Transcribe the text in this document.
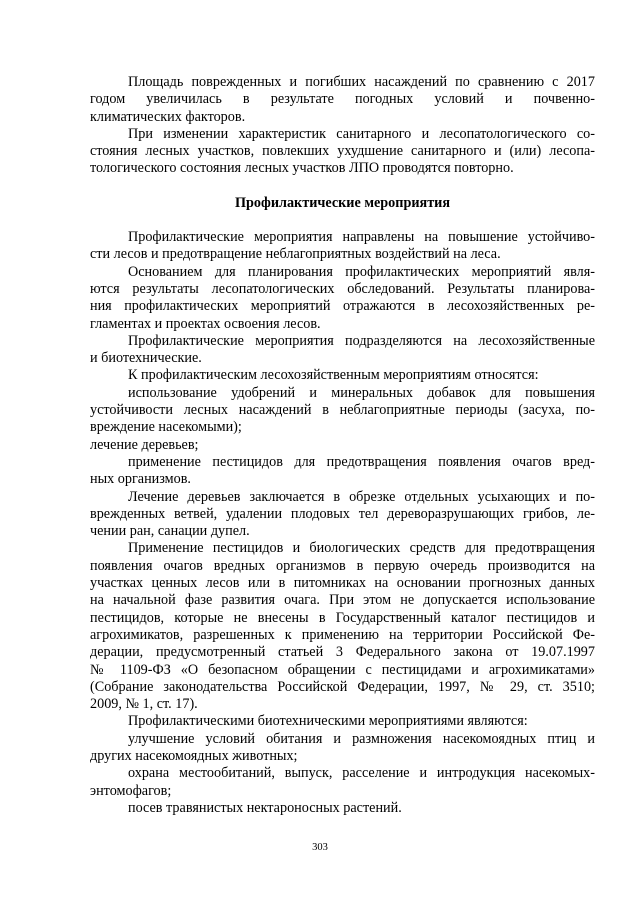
Площадь поврежденных и погибших насаждений по сравнению с 2017
годом увеличилась в результате погодных условий и почвенно-
климатических факторов.
При изменении характеристик санитарного и лесопатологического со-
стояния лесных участков, повлекших ухудшение санитарного и (или) лесопа-
тологического состояния лесных участков ЛПО проводятся повторно.
Профилактические мероприятия
Профилактические мероприятия направлены на повышение устойчиво-
сти лесов и предотвращение неблагоприятных воздействий на леса.
Основанием для планирования профилактических мероприятий явля-
ются результаты лесопатологических обследований. Результаты планирова-
ния профилактических мероприятий отражаются в лесохозяйственных ре-
гламентах и проектах освоения лесов.
Профилактические мероприятия подразделяются на лесохозяйственные
и биотехнические.
К профилактическим лесохозяйственным мероприятиям относятся:
использование удобрений и минеральных добавок для повышения
устойчивости лесных насаждений в неблагоприятные периоды (засуха, по-
вреждение насекомыми);
лечение деревьев;
применение пестицидов для предотвращения появления очагов вред-
ных организмов.
Лечение деревьев заключается в обрезке отдельных усыхающих и по-
врежденных ветвей, удалении плодовых тел дереворазрушающих грибов, ле-
чении ран, санации дупел.
Применение пестицидов и биологических средств для предотвращения
появления очагов вредных организмов в первую очередь производится на
участках ценных лесов или в питомниках на основании прогнозных данных
на начальной фазе развития очага. При этом не допускается использование
пестицидов, которые не внесены в Государственный каталог пестицидов и
агрохимикатов, разрешенных к применению на территории Российской Фе-
дерации, предусмотренный статьей 3 Федерального закона от 19.07.1997
№ 1109-ФЗ «О безопасном обращении с пестицидами и агрохимикатами»
(Собрание законодательства Российской Федерации, 1997, № 29, ст. 3510;
2009, № 1, ст. 17).
Профилактическими биотехническими мероприятиями являются:
улучшение условий обитания и размножения насекомоядных птиц и
других насекомоядных животных;
охрана местообитаний, выпуск, расселение и интродукция насекомых-
энтомофагов;
посев травянистых нектароносных растений.
303
